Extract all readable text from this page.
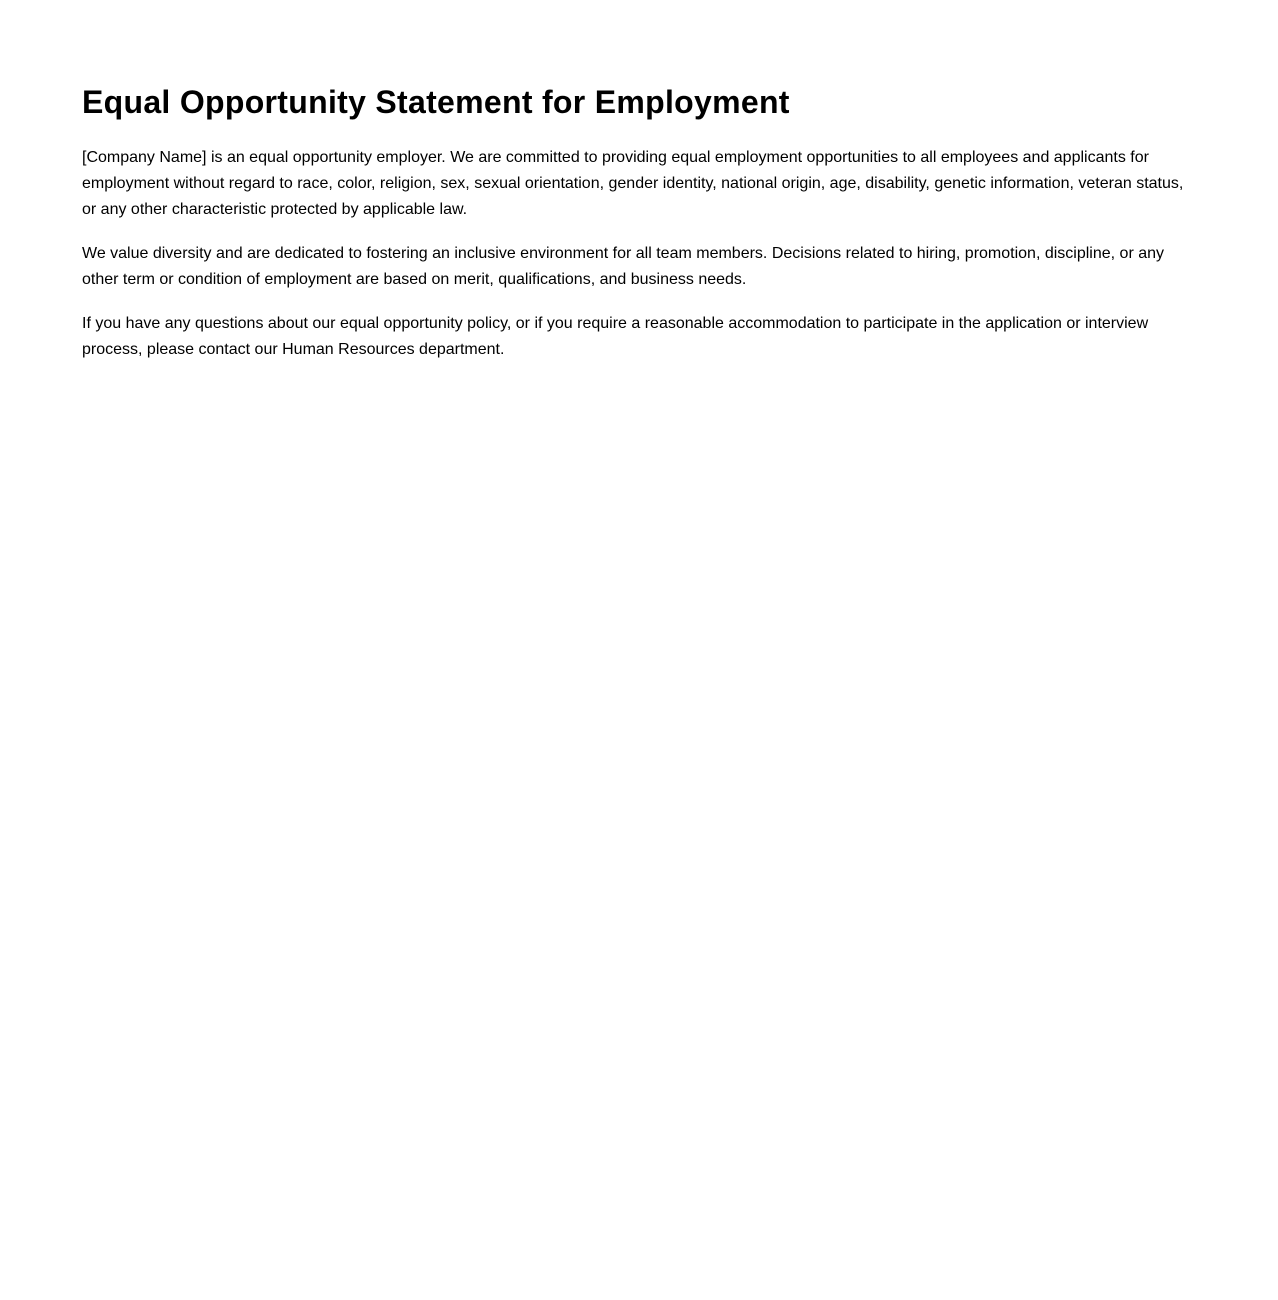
Equal Opportunity Statement for Employment

[Company Name] is an equal opportunity employer. We are committed to providing equal employment opportunities to all employees and applicants for employment without regard to race, color, religion, sex, sexual orientation, gender identity, national origin, age, disability, genetic information, veteran status, or any other characteristic protected by applicable law.

We value diversity and are dedicated to fostering an inclusive environment for all team members. Decisions related to hiring, promotion, discipline, or any other term or condition of employment are based on merit, qualifications, and business needs.

If you have any questions about our equal opportunity policy, or if you require a reasonable accommodation to participate in the application or interview process, please contact our Human Resources department.
